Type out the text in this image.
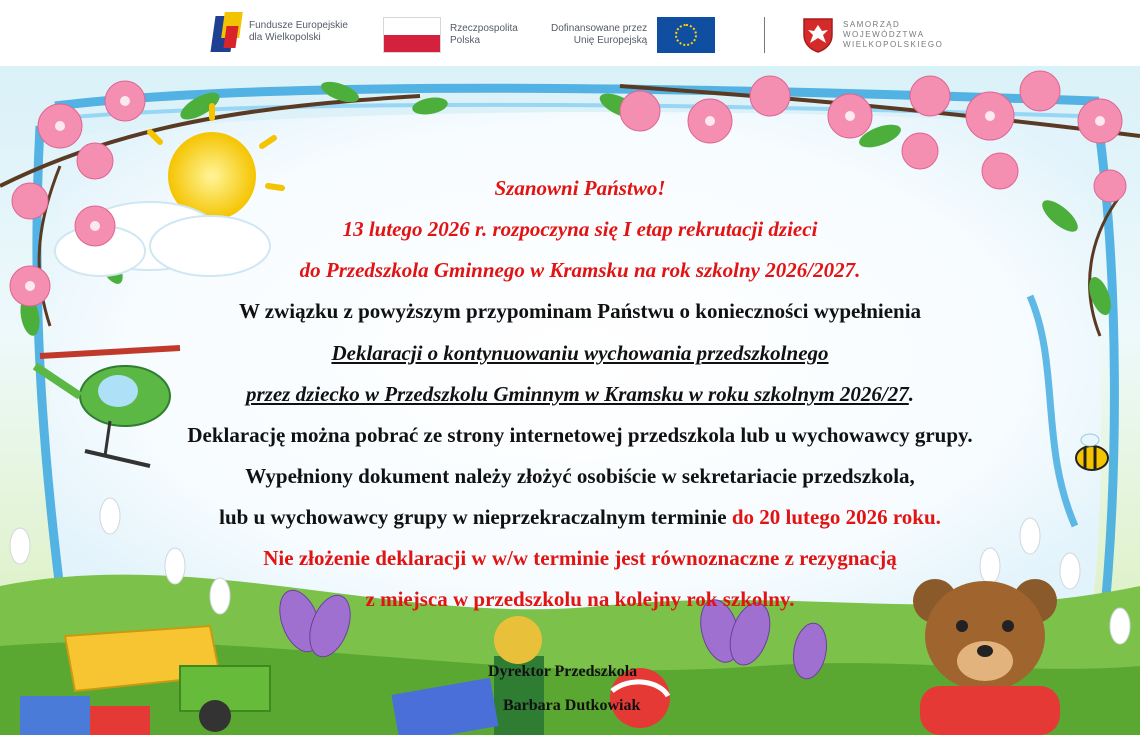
Fundusze Europejskie
dla Wielkopolski
Rzeczpospolita
Polska
Dofinansowane przez
Unię Europejską
SAMORZĄD
WOJEWÓDZTWA
WIELKOPOLSKIEGO
Szanowni Państwo!
13 lutego 2026 r. rozpoczyna się I etap rekrutacji dzieci
do Przedszkola Gminnego w Kramsku na rok szkolny 2026/2027.
W związku z powyższym przypominam Państwu o konieczności wypełnienia
Deklaracji o kontynuowaniu wychowania przedszkolnego
przez dziecko w Przedszkolu Gminnym w Kramsku w roku szkolnym 2026/27.
Deklarację można pobrać ze strony internetowej przedszkola lub u wychowawcy grupy.
Wypełniony dokument należy złożyć osobiście w sekretariacie przedszkola,
lub u wychowawcy grupy w nieprzekraczalnym terminie do 20 lutego 2026 roku.
Nie złożenie deklaracji w w/w terminie jest równoznaczne z rezygnacją
z miejsca w przedszkolu na kolejny rok szkolny.
Dyrektor Przedszkola
Barbara Dutkowiak
